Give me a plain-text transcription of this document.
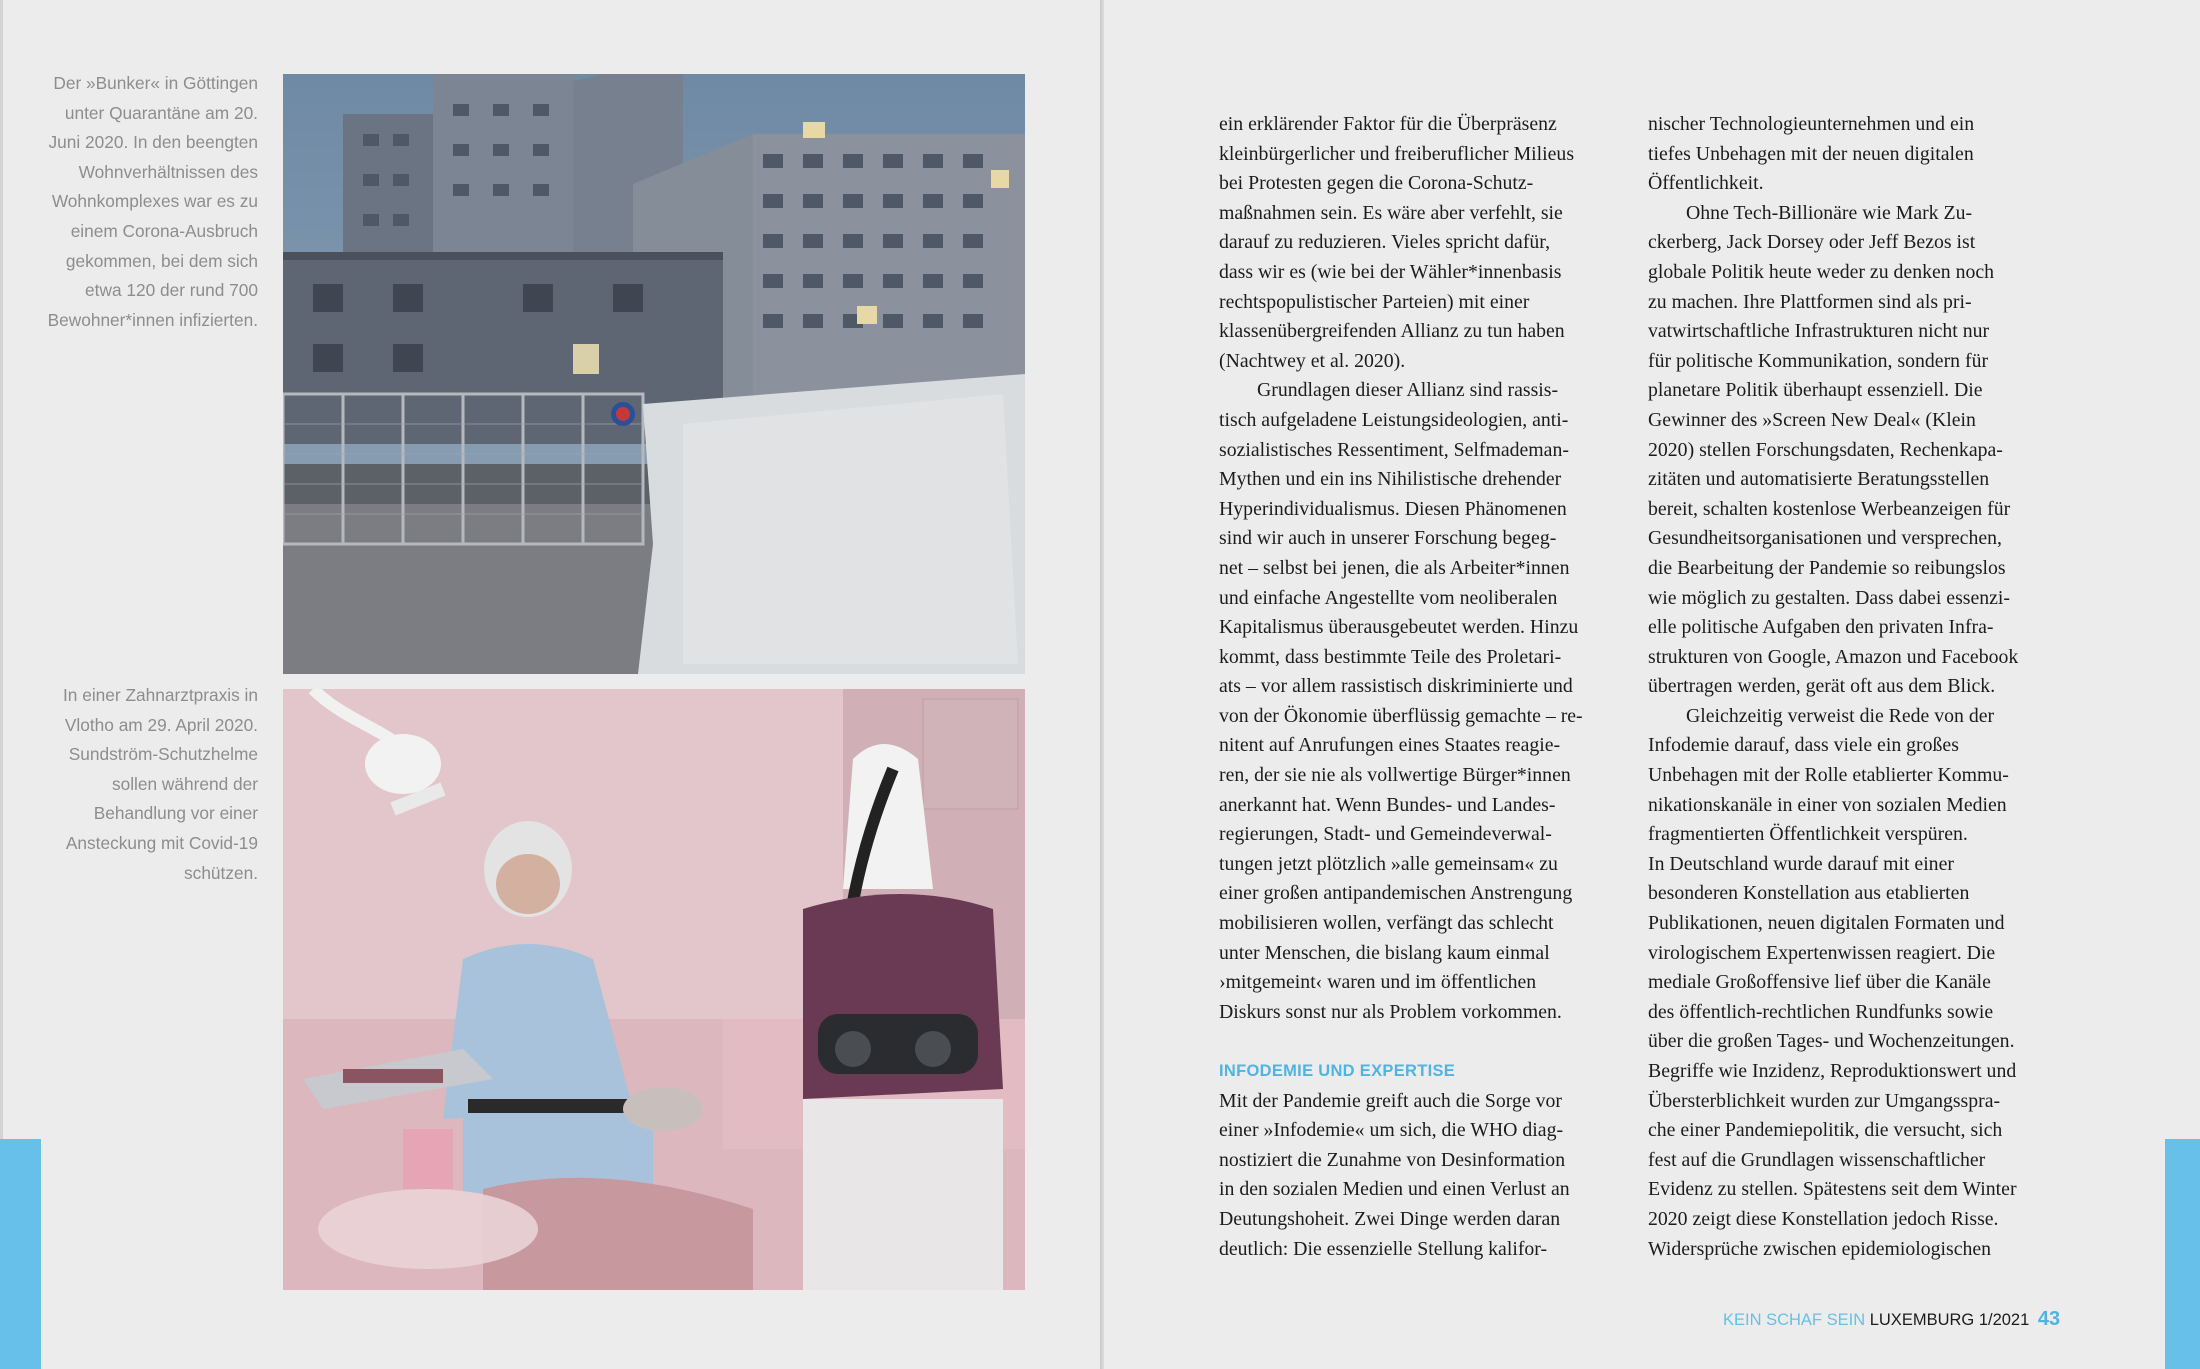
Der »Bunker« in Göttingen unter Quarantäne am 20. Juni 2020. In den beengten Wohnverhältnissen des Wohnkomplexes war es zu einem Corona-Ausbruch gekommen, bei dem sich etwa 120 der rund 700 Bewohner*innen infizierten.
In einer Zahnarztpraxis in Vlotho am 29. April 2020. Sundström-Schutzhelme sollen während der Behandlung vor einer Ansteckung mit Covid-19 schützen.

ein erklärender Faktor für die Überpräsenz
kleinbürgerlicher und freiberuflicher Milieus
bei Protesten gegen die Corona-Schutz-
maßnahmen sein. Es wäre aber verfehlt, sie
darauf zu reduzieren. Vieles spricht dafür,
dass wir es (wie bei der Wähler*innenbasis
rechtspopulistischer Parteien) mit einer
klassenübergreifenden Allianz zu tun haben
(Nachtwey et al. 2020).

Grundlagen dieser Allianz sind rassis-
tisch aufgeladene Leistungsideologien, anti-
sozialistisches Ressentiment, Selfmademan-
Mythen und ein ins Nihilistische drehender
Hyperindividualismus. Diesen Phänomenen
sind wir auch in unserer Forschung begeg-
net – selbst bei jenen, die als Arbeiter*innen
und einfache Angestellte vom neoliberalen
Kapitalismus überausgebeutet werden. Hinzu
kommt, dass bestimmte Teile des Proletari-
ats – vor allem rassistisch diskriminierte und
von der Ökonomie überflüssig gemachte – re-
nitent auf Anrufungen eines Staates reagie-
ren, der sie nie als vollwertige Bürger*innen
anerkannt hat. Wenn Bundes- und Landes-
regierungen, Stadt- und Gemeindeverwal-
tungen jetzt plötzlich »alle gemeinsam« zu
einer großen antipandemischen Anstrengung
mobilisieren wollen, verfängt das schlecht
unter Menschen, die bislang kaum einmal
›mitgemeint‹ waren und im öffentlichen
Diskurs sonst nur als Problem vorkommen.

INFODEMIE UND EXPERTISE

Mit der Pandemie greift auch die Sorge vor
einer »Infodemie« um sich, die WHO diag-
nostiziert die Zunahme von Desinformation
in den sozialen Medien und einen Verlust an
Deutungshoheit. Zwei Dinge werden daran
deutlich: Die essenzielle Stellung kalifor-

nischer Technologieunternehmen und ein
tiefes Unbehagen mit der neuen digitalen
Öffentlichkeit.

Ohne Tech-Billionäre wie Mark Zu-
ckerberg, Jack Dorsey oder Jeff Bezos ist
globale Politik heute weder zu denken noch
zu machen. Ihre Plattformen sind als pri-
vatwirtschaftliche Infrastrukturen nicht nur
für politische Kommunikation, sondern für
planetare Politik überhaupt essenziell. Die
Gewinner des »Screen New Deal« (Klein
2020) stellen Forschungsdaten, Rechenkapa-
zitäten und automatisierte Beratungsstellen
bereit, schalten kostenlose Werbeanzeigen für
Gesundheitsorganisationen und versprechen,
die Bearbeitung der Pandemie so reibungslos
wie möglich zu gestalten. Dass dabei essenzi-
elle politische Aufgaben den privaten Infra-
strukturen von Google, Amazon und Facebook
übertragen werden, gerät oft aus dem Blick.

Gleichzeitig verweist die Rede von der
Infodemie darauf, dass viele ein großes
Unbehagen mit der Rolle etablierter Kommu-
nikationskanäle in einer von sozialen Medien
fragmentierten Öffentlichkeit verspüren.

In Deutschland wurde darauf mit einer
besonderen Konstellation aus etablierten
Publikationen, neuen digitalen Formaten und
virologischem Expertenwissen reagiert. Die
mediale Großoffensive lief über die Kanäle
des öffentlich-rechtlichen Rundfunks sowie
über die großen Tages- und Wochenzeitungen.
Begriffe wie Inzidenz, Reproduktionswert und
Übersterblichkeit wurden zur Umgangsspra-
che einer Pandemiepolitik, die versucht, sich
fest auf die Grundlagen wissenschaftlicher
Evidenz zu stellen. Spätestens seit dem Winter
2020 zeigt diese Konstellation jedoch Risse.
Widersprüche zwischen epidemiologischen

KEIN SCHAF SEIN LUXEMBURG 1/2021 43
